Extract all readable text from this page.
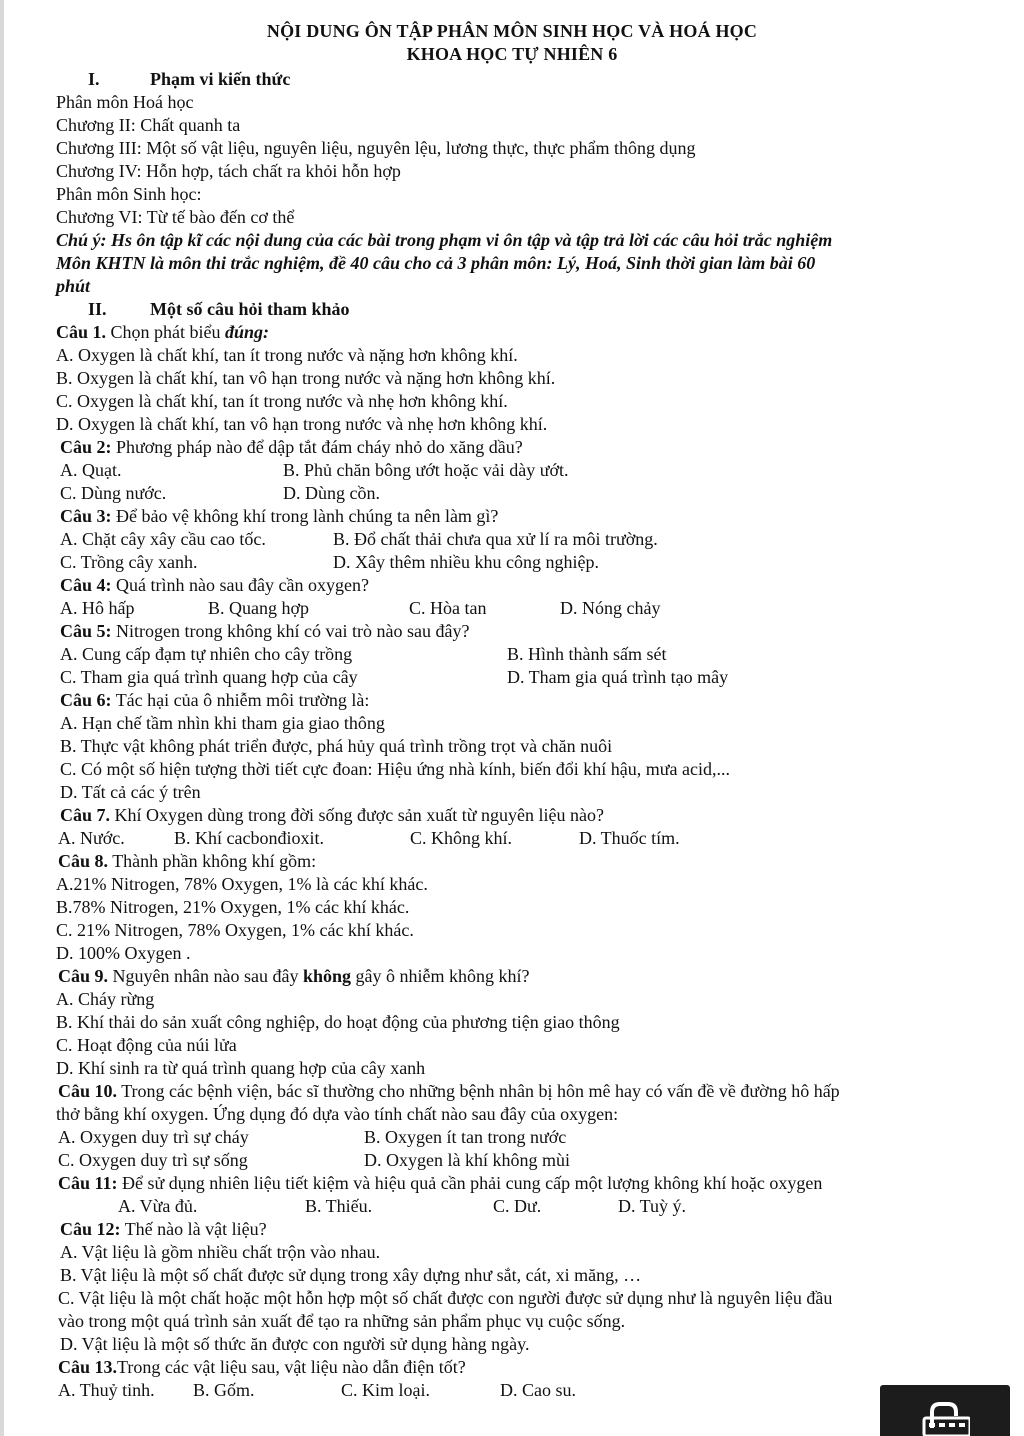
NỘI DUNG ÔN TẬP PHÂN MÔN SINH HỌC VÀ HOÁ HỌC
KHOA HỌC TỰ NHIÊN 6
I.	Phạm vi kiến thức
Phân môn Hoá học
Chương II: Chất quanh ta
Chương III: Một số vật liệu, nguyên liệu, nguyên lệu, lương thực, thực phẩm thông dụng
Chương IV: Hỗn hợp, tách chất ra khỏi hỗn hợp
Phân môn Sinh học:
Chương VI: Từ tế bào đến cơ thể
Chú ý: Hs ôn tập kĩ các nội dung của các bài trong phạm vi ôn tập và tập trả lời các câu hỏi trắc nghiệm
Môn KHTN là môn thi trắc nghiệm, đề 40 câu cho cả 3 phân môn: Lý, Hoá, Sinh thời gian làm bài 60
phút
II. Một số câu hỏi tham khảo
Câu 1. Chọn phát biểu đúng:
A. Oxygen là chất khí, tan ít trong nước và nặng hơn không khí.
B. Oxygen là chất khí, tan vô hạn trong nước và nặng hơn không khí.
C. Oxygen là chất khí, tan ít trong nước và nhẹ hơn không khí.
D. Oxygen là chất khí, tan vô hạn trong nước và nhẹ hơn không khí.
Câu 2: Phương pháp nào để dập tắt đám cháy nhỏ do xăng dầu?
A. Quạt.	B. Phủ chăn bông ướt hoặc vải dày ướt.
C. Dùng nước.	D. Dùng cồn.
Câu 3: Để bảo vệ không khí trong lành chúng ta nên làm gì?
A. Chặt cây xây cầu cao tốc.	B. Đổ chất thải chưa qua xử lí ra môi trường.
C. Trồng cây xanh.	D. Xây thêm nhiều khu công nghiệp.
Câu 4: Quá trình nào sau đây cần oxygen?
A. Hô hấp	B. Quang hợp	C. Hòa tan	D. Nóng chảy
Câu 5: Nitrogen trong không khí có vai trò nào sau đây?
A. Cung cấp đạm tự nhiên cho cây trồng	B. Hình thành sấm sét
C. Tham gia quá trình quang hợp của cây	D. Tham gia quá trình tạo mây
Câu 6: Tác hại của ô nhiễm môi trường là:
A. Hạn chế tầm nhìn khi tham gia giao thông
B. Thực vật không phát triển được, phá hủy quá trình trồng trọt và chăn nuôi
C. Có một số hiện tượng thời tiết cực đoan: Hiệu ứng nhà kính, biến đổi khí hậu, mưa acid,...
D. Tất cả các ý trên
Câu 7. Khí Oxygen dùng trong đời sống được sản xuất từ nguyên liệu nào?
A. Nước.	B. Khí cacbonđioxit.	C. Không khí.	D. Thuốc tím.
Câu 8. Thành phần không khí gồm:
A.21% Nitrogen, 78% Oxygen, 1% là các khí khác.
B.78% Nitrogen, 21% Oxygen, 1% các khí khác.
C. 21% Nitrogen, 78% Oxygen, 1% các khí khác.
D. 100% Oxygen .
Câu 9. Nguyên nhân nào sau đây không gây ô nhiễm không khí?
A. Cháy rừng
B. Khí thải do sản xuất công nghiệp, do hoạt động của phương tiện giao thông
C. Hoạt động của núi lửa
D. Khí sinh ra từ quá trình quang hợp của cây xanh
Câu 10. Trong các bệnh viện, bác sĩ thường cho những bệnh nhân bị hôn mê hay có vấn đề về đường hô hấp
thở bằng khí oxygen. Ứng dụng đó dựa vào tính chất nào sau đây của oxygen:
A. Oxygen duy trì sự cháy	B. Oxygen ít tan trong nước
C. Oxygen duy trì sự sống	D. Oxygen là khí không mùi
Câu 11: Để sử dụng nhiên liệu tiết kiệm và hiệu quả cần phải cung cấp một lượng không khí hoặc oxygen
A. Vừa đủ.	B. Thiếu.	C. Dư.	D. Tuỳ ý.
Câu 12: Thế nào là vật liệu?
A. Vật liệu là gồm nhiều chất trộn vào nhau.
B. Vật liệu là một số chất được sử dụng trong xây dựng như sắt, cát, xi măng, …
C. Vật liệu là một chất hoặc một hỗn hợp một số chất được con người được sử dụng như là nguyên liệu đầu
vào trong một quá trình sản xuất để tạo ra những sản phẩm phục vụ cuộc sống.
D. Vật liệu là một số thức ăn được con người sử dụng hàng ngày.
Câu 13.Trong các vật liệu sau, vật liệu nào dẫn điện tốt?
A. Thuỷ tinh. B. Gốm.	C. Kim loại.	D. Cao su.
